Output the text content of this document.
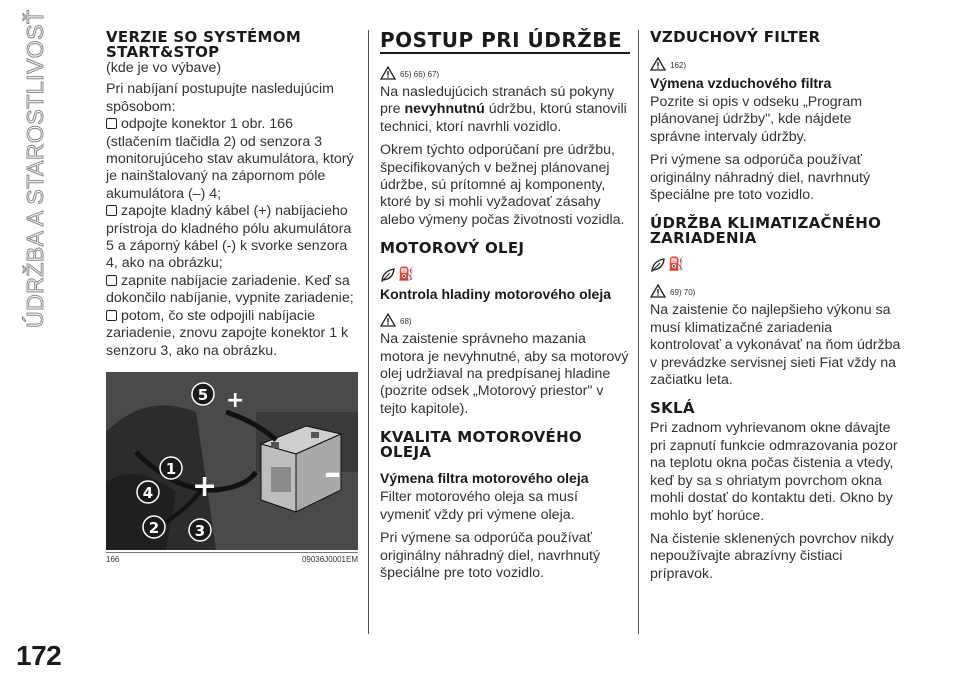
ÚDRŽBA A STAROSTLIVOSŤ
172
VERZIE SO SYSTÉMOM START&STOP

(kde je vo výbave)

Pri nabíjaní postupujte nasledujúcim spôsobom:

odpojte konektor 1 obr. 166 (stlačením tlačidla 2) od senzora 3 monitorujúceho stav akumulátora, ktorý je nainštalovaný na zápornom póle akumulátora (–) 4;
zapojte kladný kábel (+) nabíjacieho prístroja do kladného pólu akumulátora 5 a záporný kábel (-) k svorke senzora 4, ako na obrázku;
zapnite nabíjacie zariadenie. Keď sa dokončilo nabíjanie, vypnite zariadenie;
potom, čo ste odpojili nabíjacie zariadenie, znovu zapojte konektor 1 k senzoru 3, ako na obrázku.
+	–
+
5
1
4
2 3
166	09036J0001EM
POSTUP PRI ÚDRŽBE
65) 66) 67)

Na nasledujúcich stranách sú pokyny pre nevyhnutnú údržbu, ktorú stanovili technici, ktorí navrhli vozidlo.

Okrem týchto odporúčaní pre údržbu, špecifikovaných v bežnej plánovanej údržbe, sú prítomné aj komponenty, ktoré by si mohli vyžadovať zásahy alebo výmeny počas životnosti vozidla.

MOTOROVÝ OLEJ
⛽
Kontrola hladiny motorového oleja
68)

Na zaistenie správneho mazania motora je nevyhnutné, aby sa motorový olej udržiaval na predpísanej hladine (pozrite odsek „Motorový priestor" v tejto kapitole).

KVALITA MOTOROVÉHO OLEJA
Výmena filtra motorového oleja

Filter motorového oleja sa musí vymeniť vždy pri výmene oleja.

Pri výmene sa odporúča používať originálny náhradný diel, navrhnutý špeciálne pre toto vozidlo.

VZDUCHOVÝ FILTER
162)
Výmena vzduchového filtra

Pozrite si opis v odseku „Program plánovanej údržby", kde nájdete správne intervaly údržby.

Pri výmene sa odporúča používať originálny náhradný diel, navrhnutý špeciálne pre toto vozidlo.

ÚDRŽBA KLIMATIZAČNÉHO ZARIADENIA
⛽
69) 70)

Na zaistenie čo najlepšieho výkonu sa musí klimatizačné zariadenia kontrolovať a vykonávať na ňom údržba v prevádzke servisnej sieti Fiat vždy na začiatku leta.

SKLÁ

Pri zadnom vyhrievanom okne dávajte pri zapnutí funkcie odmrazovania pozor na teplotu okna počas čistenia a vtedy, keď by sa s ohriatym povrchom okna mohli dostať do kontaktu deti. Okno by mohlo byť horúce.

Na čistenie sklenených povrchov nikdy nepoužívajte abrazívny čistiaci prípravok.
